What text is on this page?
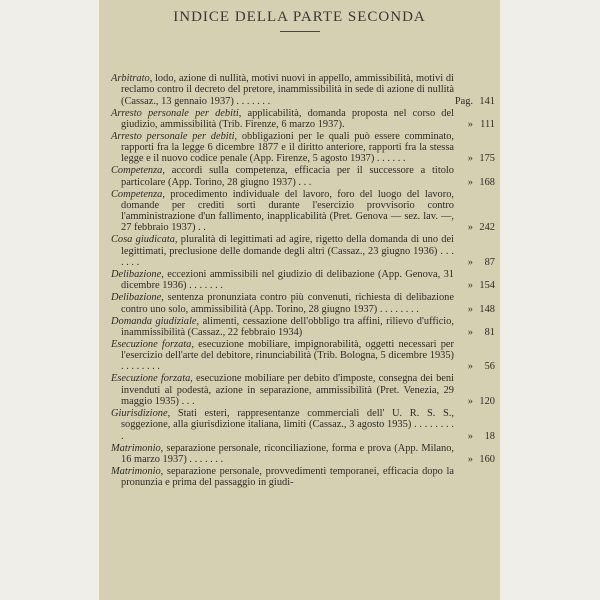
INDICE DELLA PARTE SECONDA
Arbitrato, lodo, azione di nullità, motivi nuovi in appello, ammissibilità, motivi di reclamo contro il decreto del pretore, inammissibilità in sede di azione di nullità (Cassaz., 13 gennaio 1937) . . . . . . .	Pag. 141
Arresto personale per debiti, applicabilità, domanda proposta nel corso del giudizio, ammissibilità (Trib. Firenze, 6 marzo 1937).	» 111
Arresto personale per debiti, obbligazioni per le quali può essere comminato, rapporti fra la legge 6 dicembre 1877 e il diritto anteriore, rapporti fra la stessa legge e il nuovo codice penale (App. Firenze, 5 agosto 1937) . . . . . .	» 175
Competenza, accordi sulla competenza, efficacia per il successore a titolo particolare (App. Torino, 28 giugno 1937) . . .	» 168
Competenza, procedimento individuale del lavoro, foro del luogo del lavoro, domande per crediti sorti durante l'esercizio provvisorio contro l'amministrazione d'un fallimento, inapplicabilità (Pret. Genova — sez. lav. —, 27 febbraio 1937) . .	» 242
Cosa giudicata, pluralità di legittimati ad agire, rigetto della domanda di uno dei legittimati, preclusione delle domande degli altri (Cassaz., 23 giugno 1936) . . . . . . .	» 87
Delibazione, eccezioni ammissibili nel giudizio di delibazione (App. Genova, 31 dicembre 1936) . . . . . . .	» 154
Delibazione, sentenza pronunziata contro più convenuti, richiesta di delibazione contro uno solo, ammissibilità (App. Torino, 28 giugno 1937) . . . . . . . .	» 148
Domanda giudiziale, alimenti, cessazione dell'obbligo tra affini, rilievo d'ufficio, inammissibilità (Cassaz., 22 febbraio 1934)	» 81
Esecuzione forzata, esecuzione mobiliare, impignorabilità, oggetti necessari per l'esercizio dell'arte del debitore, rinunciabilità (Trib. Bologna, 5 dicembre 1935) . . . . . . . .	» 56
Esecuzione forzata, esecuzione mobiliare per debito d'imposte, consegna dei beni invenduti al podestà, azione in separazione, ammissibilità (Pret. Venezia, 29 maggio 1935) . . .	» 120
Giurisdizione, Stati esteri, rappresentanze commerciali dell' U. R. S. S., soggezione, alla giurisdizione italiana, limiti (Cassaz., 3 agosto 1935) . . . . . . . . .	» 18
Matrimonio, separazione personale, riconciliazione, forma e prova (App. Milano, 16 marzo 1937) . . . . . . .	» 160
Matrimonio, separazione personale, provvedimenti temporanei, efficacia dopo la pronunzia e prima del passaggio in giudi-
